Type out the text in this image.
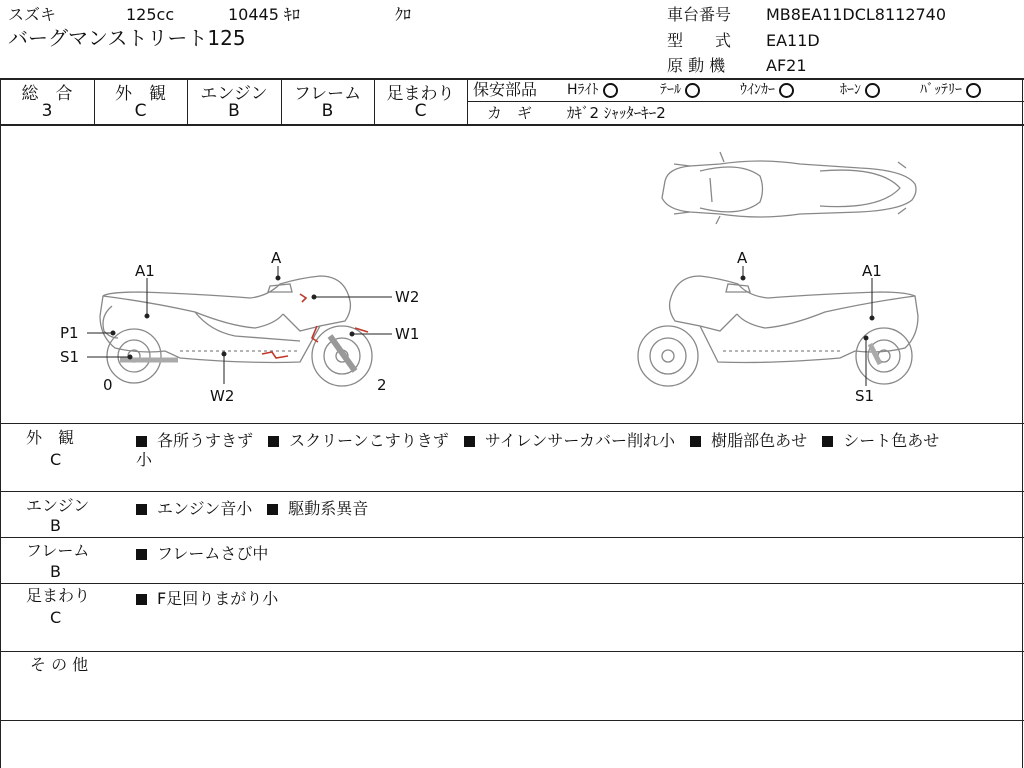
スズキ	125cc	10445 ｷﾛ	ｸﾛ
バーグマンストリート125
車台番号 MB8EA11DCL8112740
型　　式 EA11D
原 動 機	AF21
総　合	外　観	エンジン	フレーム	足まわり
3	C	B	B	C
保安部品 Hﾗｲﾄ	ﾃｰﾙ	ｳｲﾝｶｰ	ﾎｰﾝ	ﾊﾞｯﾃﾘｰ
カ　ギ ｶｷﾞ2 ｼｬｯﾀｰｷｰ2
A1
A
W2
W1
P1
S1
0	2
W2
A
A1
S1
外　観
C
各所うすきず スクリーンこすりきず サイレンサーカバー削れ小 樹脂部色あせ シート色あせ
小
エンジン
B
エンジン音小 駆動系異音
フレーム
B
フレームさび中
足まわり
C
F足回りまがり小
そ の 他
